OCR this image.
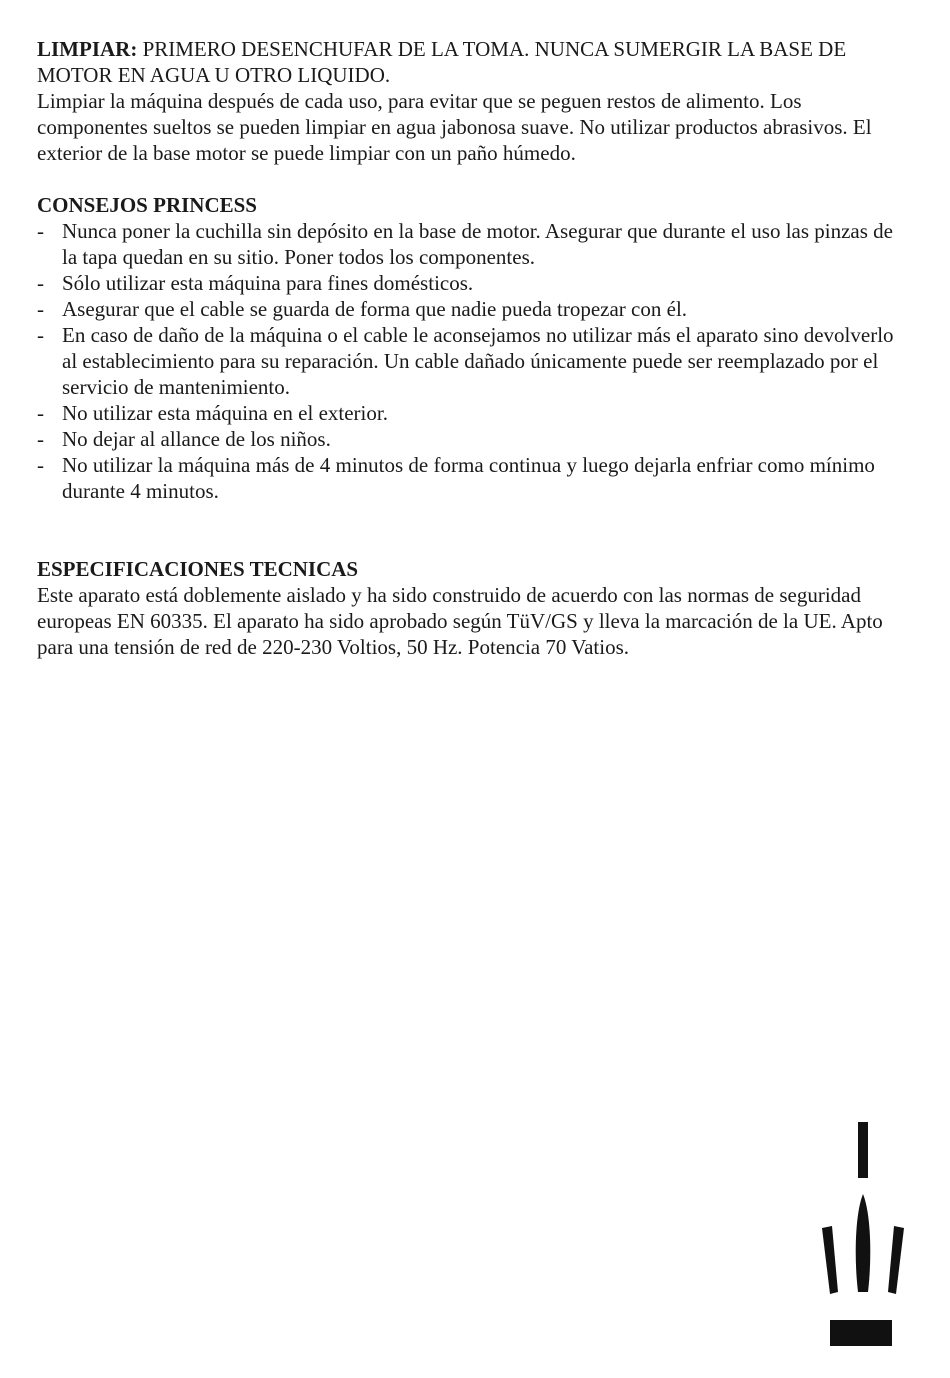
LIMPIAR: PRIMERO DESENCHUFAR DE LA TOMA. NUNCA SUMERGIR LA BASE DE MOTOR EN AGUA U OTRO LIQUIDO.

Limpiar la máquina después de cada uso, para evitar que se peguen restos de alimento. Los componentes sueltos se pueden limpiar en agua jabonosa suave. No utilizar productos abrasivos. El exterior de la base motor se puede limpiar con un paño húmedo.

CONSEJOS PRINCESS

- Nunca poner la cuchilla sin depósito en la base de motor. Asegurar que durante el uso las pinzas de la tapa quedan en su sitio. Poner todos los componentes.
- Sólo utilizar esta máquina para fines domésticos.
- Asegurar que el cable se guarda de forma que nadie pueda tropezar con él.
- En caso de daño de la máquina o el cable le aconsejamos no utilizar más el aparato sino devolverlo al establecimiento para su reparación. Un cable dañado únicamente puede ser reemplazado por el servicio de mantenimiento.
- No utilizar esta máquina en el exterior.
- No dejar al allance de los niños.
- No utilizar la máquina más de 4 minutos de forma continua y luego dejarla enfriar como mínimo durante 4 minutos.

ESPECIFICACIONES TECNICAS

Este aparato está doblemente aislado y ha sido construido de acuerdo con las normas de seguridad europeas EN 60335. El aparato ha sido aprobado según TüV/GS y lleva la marcación de la UE. Apto para una tensión de red de 220-230 Voltios, 50 Hz. Potencia 70 Vatios.
